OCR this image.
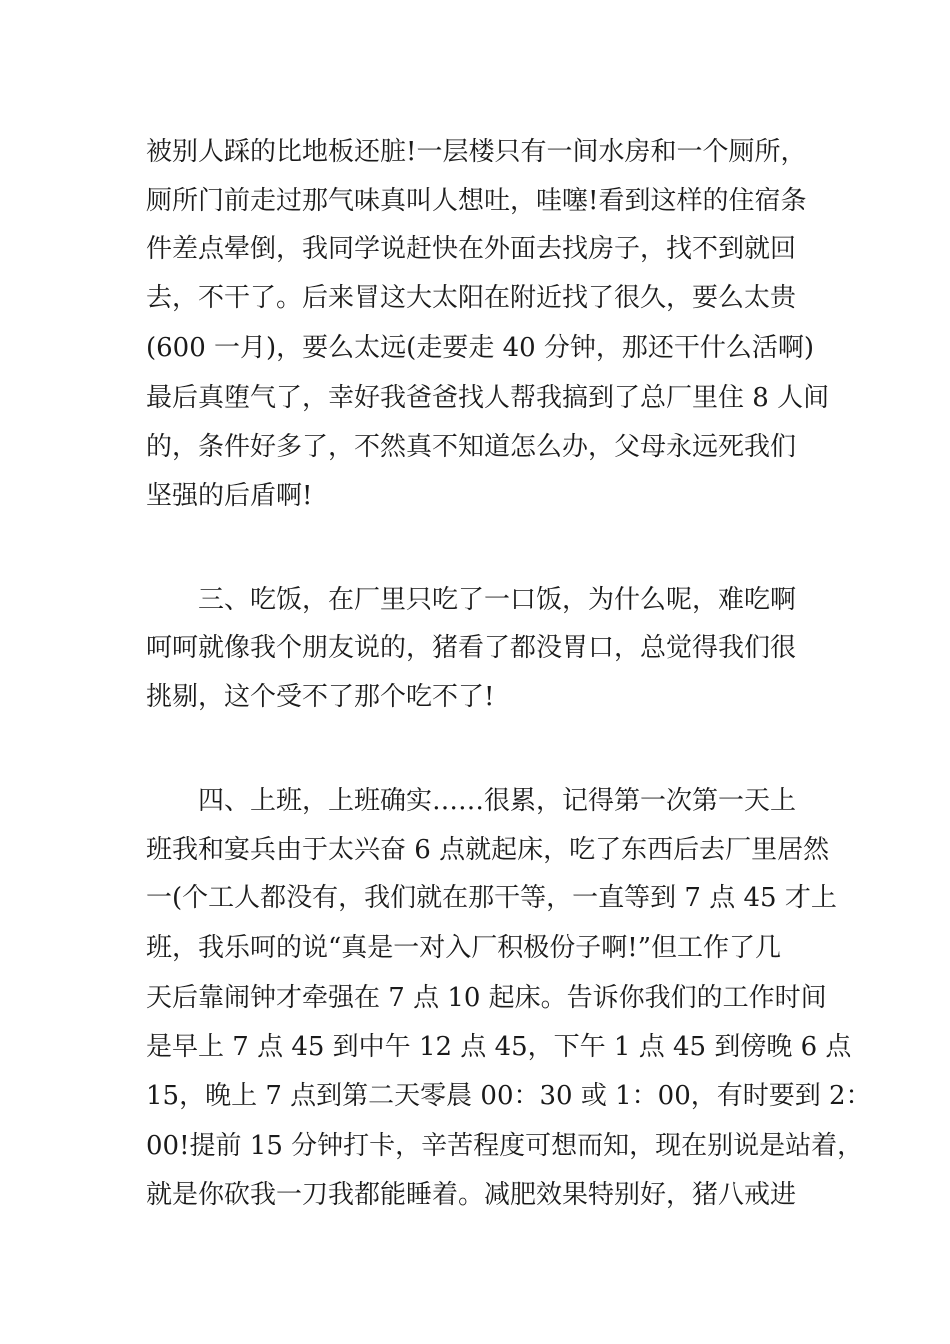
被别人踩的比地板还脏!一层楼只有一间水房和一个厕所，

厕所门前走过那气味真叫人想吐，哇噻!看到这样的住宿条

件差点晕倒，我同学说赶快在外面去找房子，找不到就回

去，不干了。后来冒这大太阳在附近找了很久，要么太贵

(600 一月)，要么太远(走要走 40 分钟，那还干什么活啊)

最后真堕气了，幸好我爸爸找人帮我搞到了总厂里住 8 人间

的，条件好多了，不然真不知道怎么办，父母永远死我们

坚强的后盾啊!

三、吃饭，在厂里只吃了一口饭，为什么呢，难吃啊

呵呵就像我个朋友说的，猪看了都没胃口，总觉得我们很

挑剔，这个受不了那个吃不了!

四、上班，上班确实……很累，记得第一次第一天上

班我和宴兵由于太兴奋 6 点就起床，吃了东西后去厂里居然

一(个工人都没有，我们就在那干等，一直等到 7 点 45 才上

班，我乐呵的说“真是一对入厂积极份子啊!”但工作了几

天后靠闹钟才牵强在 7 点 10 起床。告诉你我们的工作时间

是早上 7 点 45 到中午 12 点 45，下午 1 点 45 到傍晚 6 点

15，晚上 7 点到第二天零晨 00：30 或 1：00，有时要到 2：

00!提前 15 分钟打卡，辛苦程度可想而知，现在别说是站着，

就是你砍我一刀我都能睡着。减肥效果特别好，猪八戒进
